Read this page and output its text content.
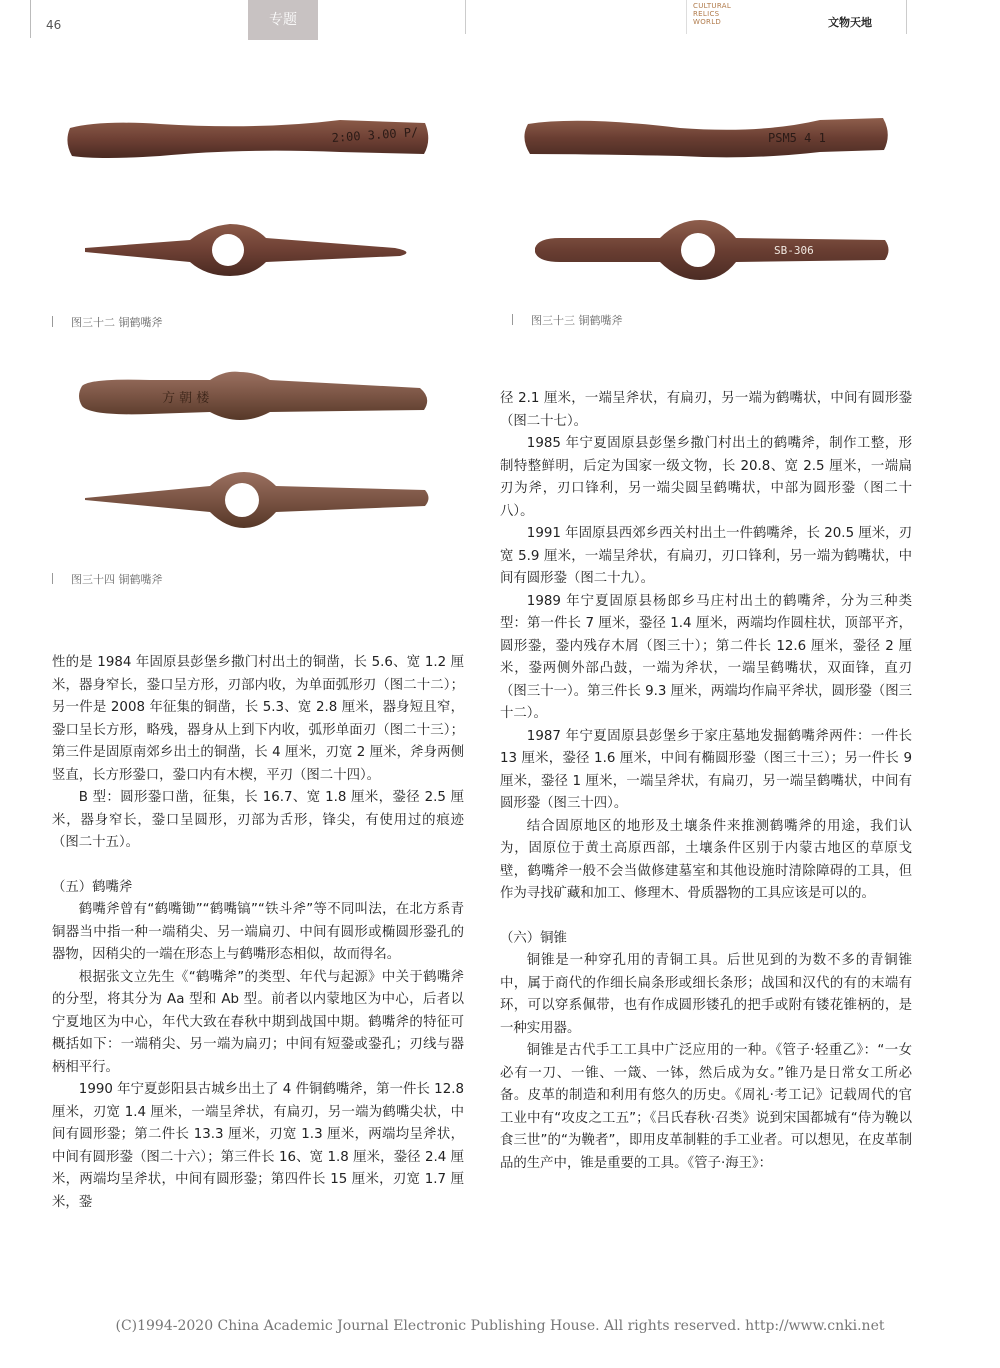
46	专题
CULTURAL
RELICS
WORLD	文物天地
2:00 3.00 P/
图三十二 铜鹤嘴斧
PSM5 4 1
SB-306
图三十三 铜鹤嘴斧
方 朝 楼
图三十四 铜鹤嘴斧

性的是 1984 年固原县彭堡乡撒门村出土的铜凿，长 5.6、宽 1.2 厘米，器身窄长，銎口呈方形，刃部内收，为单面弧形刃（图二十二）；另一件是 2008 年征集的铜凿，长 5.3、宽 2.8 厘米，器身短且窄，銎口呈长方形，略残，器身从上到下内收，弧形单面刃（图二十三）；第三件是固原南郊乡出土的铜凿，长 4 厘米，刃宽 2 厘米，斧身两侧竖直，长方形銎口，銎口内有木楔，平刃（图二十四）。

B 型：圆形銎口凿，征集，长 16.7、宽 1.8 厘米，銎径 2.5 厘米，器身窄长，銎口呈圆形，刃部为舌形，锋尖，有使用过的痕迹（图二十五）。

（五）鹤嘴斧

鹤嘴斧曾有“鹤嘴锄”“鹤嘴镐”“铁斗斧”等不同叫法，在北方系青铜器当中指一种一端稍尖、另一端扁刃、中间有圆形或椭圆形銎孔的器物，因稍尖的一端在形态上与鹤嘴形态相似，故而得名。

根据张文立先生《“鹤嘴斧”的类型、年代与起源》中关于鹤嘴斧的分型，将其分为 Aa 型和 Ab 型。前者以内蒙地区为中心，后者以宁夏地区为中心，年代大致在春秋中期到战国中期。鹤嘴斧的特征可概括如下：一端稍尖、另一端为扁刃；中间有短銎或銎孔；刃线与器柄相平行。

1990 年宁夏彭阳县古城乡出土了 4 件铜鹤嘴斧，第一件长 12.8 厘米，刃宽 1.4 厘米，一端呈斧状，有扁刃，另一端为鹤嘴尖状，中间有圆形銎；第二件长 13.3 厘米，刃宽 1.3 厘米，两端均呈斧状，中间有圆形銎（图二十六）；第三件长 16、宽 1.8 厘米，銎径 2.4 厘米，两端均呈斧状，中间有圆形銎；第四件长 15 厘米，刃宽 1.7 厘米，銎

径 2.1 厘米，一端呈斧状，有扁刃，另一端为鹤嘴状，中间有圆形銎（图二十七）。

1985 年宁夏固原县彭堡乡撒门村出土的鹤嘴斧，制作工整，形制特整鲜明，后定为国家一级文物，长 20.8、宽 2.5 厘米，一端扁刃为斧，刃口锋利，另一端尖圆呈鹤嘴状，中部为圆形銎（图二十八）。

1991 年固原县西郊乡西关村出土一件鹤嘴斧，长 20.5 厘米，刃宽 5.9 厘米，一端呈斧状，有扁刃，刃口锋利，另一端为鹤嘴状，中间有圆形銎（图二十九）。

1989 年宁夏固原县杨郎乡马庄村出土的鹤嘴斧，分为三种类型：第一件长 7 厘米，銎径 1.4 厘米，两端均作圆柱状，顶部平齐，圆形銎，銎内残存木屑（图三十）；第二件长 12.6 厘米，銎径 2 厘米，銎两侧外部凸鼓，一端为斧状，一端呈鹤嘴状，双面锋，直刃（图三十一）。第三件长 9.3 厘米，两端均作扁平斧状，圆形銎（图三十二）。

1987 年宁夏固原县彭堡乡于家庄墓地发掘鹤嘴斧两件：一件长 13 厘米，銎径 1.6 厘米，中间有椭圆形銎（图三十三）；另一件长 9 厘米，銎径 1 厘米，一端呈斧状，有扁刃，另一端呈鹤嘴状，中间有圆形銎（图三十四）。

结合固原地区的地形及土壤条件来推测鹤嘴斧的用途，我们认为，固原位于黄土高原西部，土壤条件区别于内蒙古地区的草原戈壁，鹤嘴斧一般不会当做修建墓室和其他设施时清除障碍的工具，但作为寻找矿藏和加工、修理木、骨质器物的工具应该是可以的。

（六）铜锥

铜锥是一种穿孔用的青铜工具。后世见到的为数不多的青铜锥中，属于商代的作细长扁条形或细长条形；战国和汉代的有的末端有环，可以穿系佩带，也有作成圆形镂孔的把手或附有镂花锥柄的，是一种实用器。

铜锥是古代手工工具中广泛应用的一种。《管子·轻重乙》：“一女必有一刀、一锥、一箴、一钵，然后成为女。”锥乃是日常女工所必备。皮革的制造和利用有悠久的历史。《周礼·考工记》记载周代的官工业中有“攻皮之工五”；《吕氏春秋·召类》说到宋国都城有“侍为鞔以食三世”的“为鞔者”，即用皮革制鞋的手工业者。可以想见，在皮革制品的生产中，锥是重要的工具。《管子·海王》：

(C)1994-2020 China Academic Journal Electronic Publishing House. All rights reserved. http://www.cnki.net
